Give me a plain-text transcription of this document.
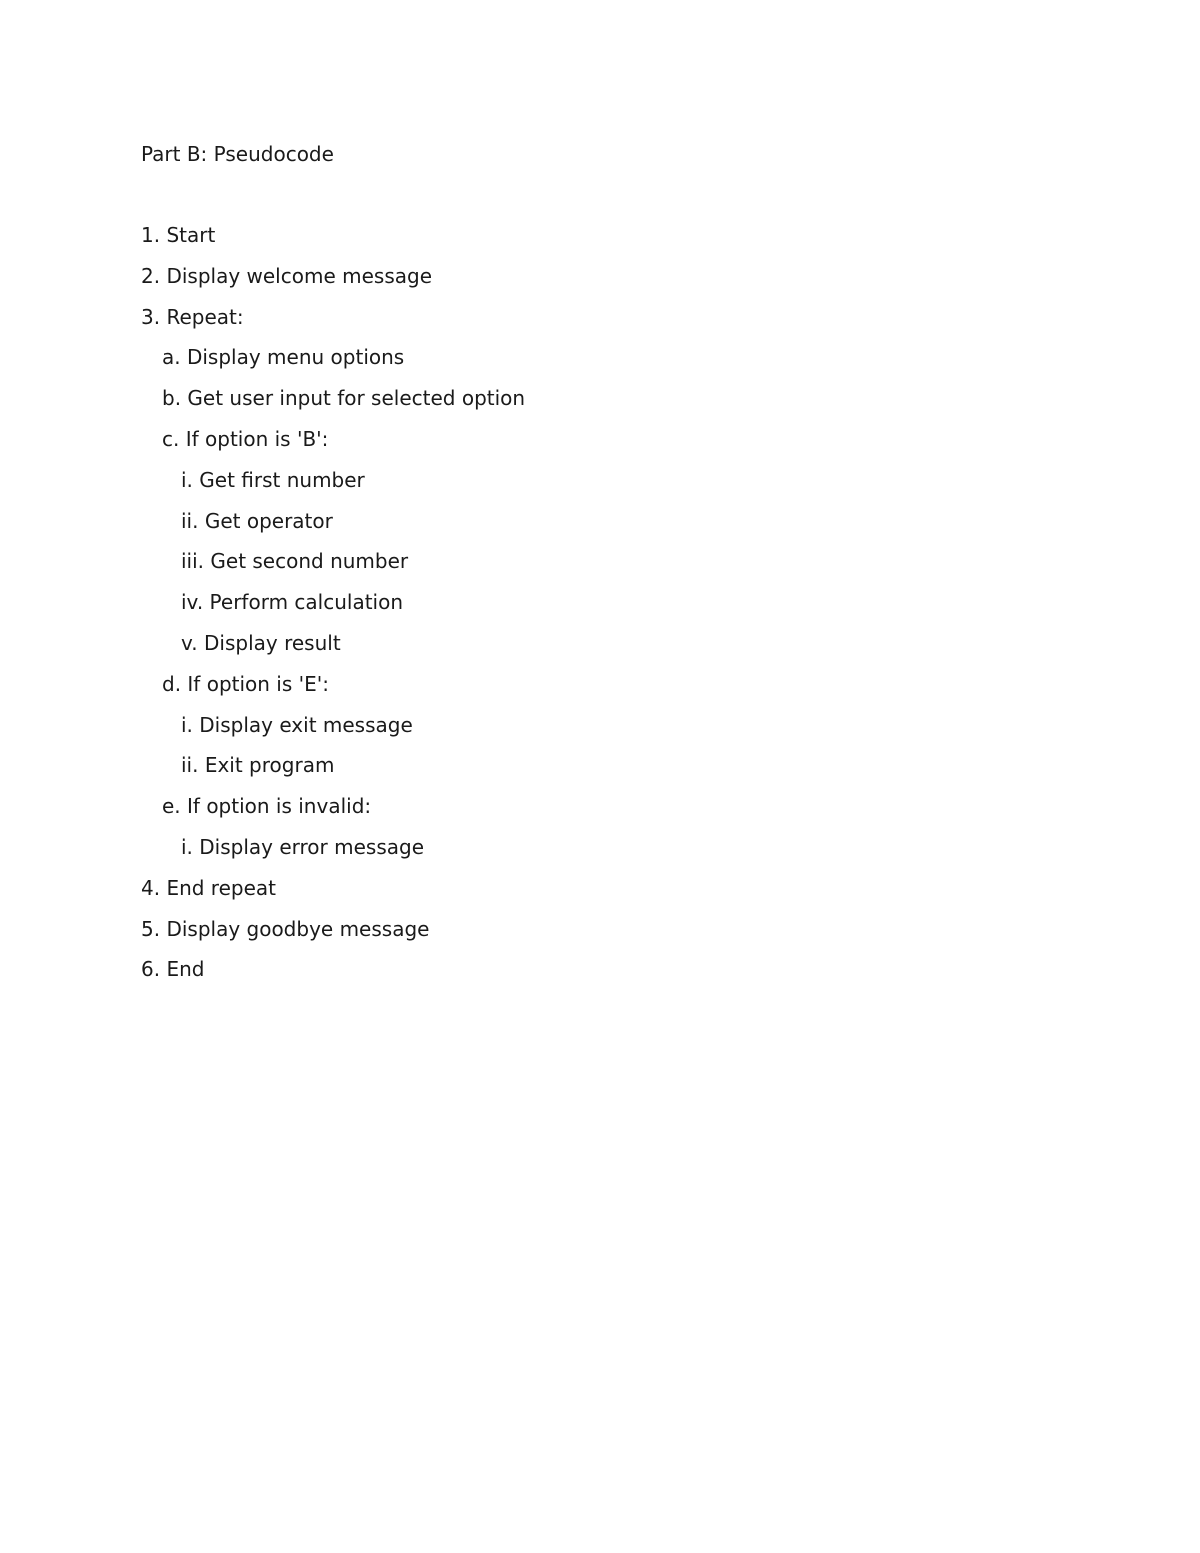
Part B: Pseudocode
1. Start
2. Display welcome message
3. Repeat:
a. Display menu options
b. Get user input for selected option
c. If option is 'B':
i. Get first number
ii. Get operator
iii. Get second number
iv. Perform calculation
v. Display result
d. If option is 'E':
i. Display exit message
ii. Exit program
e. If option is invalid:
i. Display error message
4. End repeat
5. Display goodbye message
6. End
